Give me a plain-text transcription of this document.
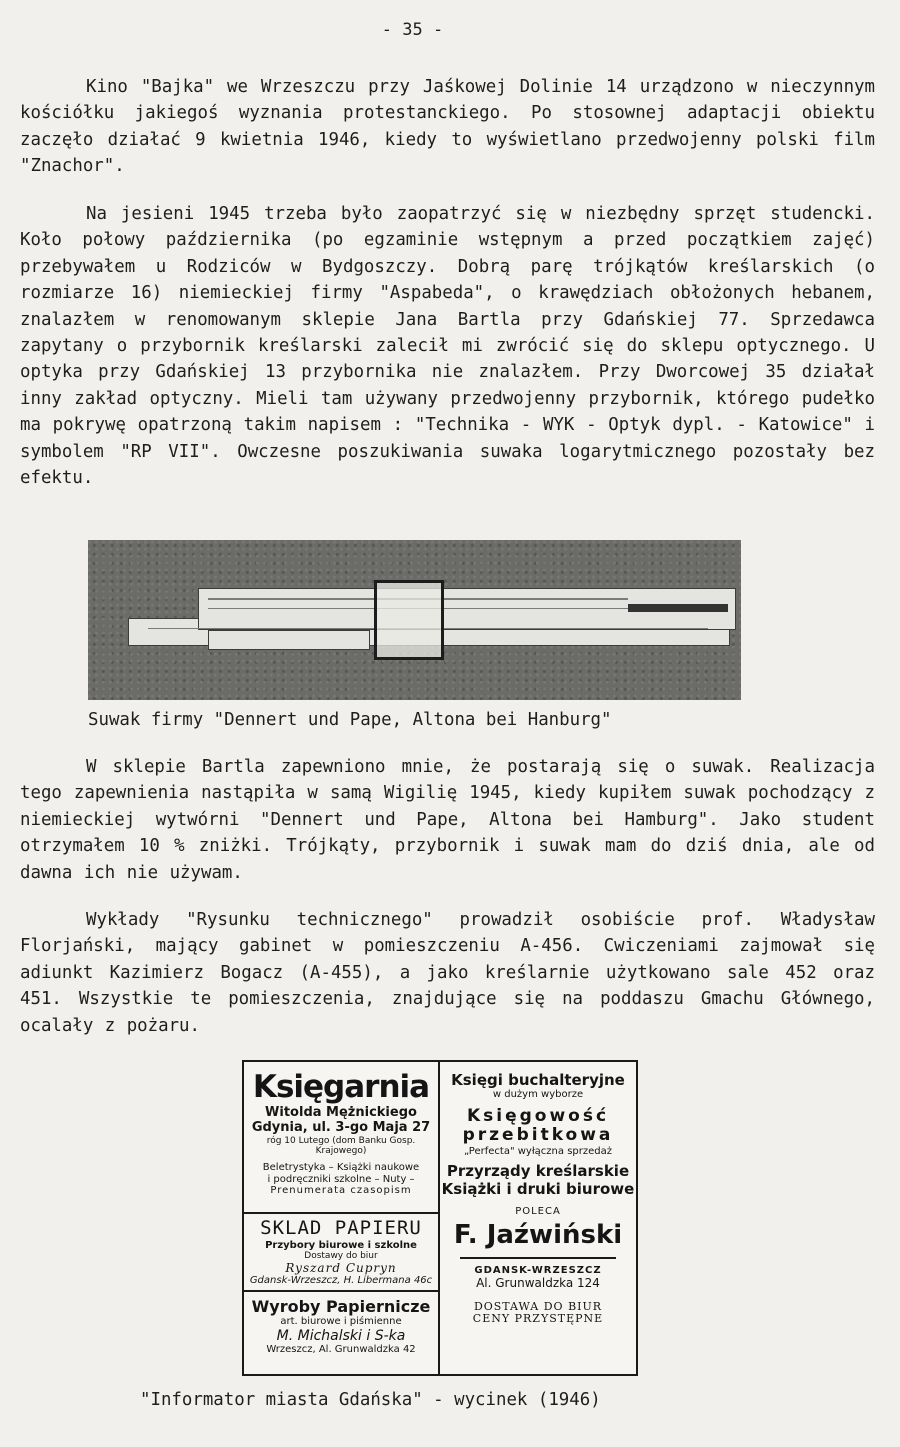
- 35 -

Kino "Bajka" we Wrzeszczu przy Jaśkowej Dolinie 14 urządzono w nieczynnym kościółku jakiegoś wyznania protestanckiego. Po stosownej adaptacji obiektu zaczęło działać 9 kwietnia 1946, kiedy to wyświetlano przedwojenny polski film "Znachor".

Na jesieni 1945 trzeba było zaopatrzyć się w niezbędny sprzęt studencki. Koło połowy października (po egzaminie wstępnym a przed początkiem zajęć) przebywałem u Rodziców w Bydgoszczy. Dobrą parę trójkątów kreślarskich (o rozmiarze 16) niemieckiej firmy "Aspabeda", o krawędziach obłożonych hebanem, znalazłem w renomowanym sklepie Jana Bartla przy Gdańskiej 77. Sprzedawca zapytany o przybornik kreślarski zalecił mi zwrócić się do sklepu optycznego. U optyka przy Gdańskiej 13 przybornika nie znalazłem. Przy Dworcowej 35 działał inny zakład optyczny. Mieli tam używany przedwojenny przybornik, którego pudełko ma pokrywę opatrzoną takim napisem : "Technika - WYK - Optyk dypl. - Katowice" i symbolem "RP VII". Owczesne poszukiwania suwaka logarytmicznego pozostały bez efektu.

Suwak firmy "Dennert und Pape, Altona bei Hanburg"

W sklepie Bartla zapewniono mnie, że postarają się o suwak. Realizacja tego zapewnienia nastąpiła w samą Wigilię 1945, kiedy kupiłem suwak pochodzący z niemieckiej wytwórni "Dennert und Pape, Altona bei Hamburg". Jako student otrzymałem 10 % zniżki. Trójkąty, przybornik i suwak mam do dziś dnia, ale od dawna ich nie używam.

Wykłady "Rysunku technicznego" prowadził osobiście prof. Władysław Florjański, mający gabinet w pomieszczeniu A-456. Cwiczeniami zajmował się adiunkt Kazimierz Bogacz (A-455), a jako kreślarnie użytkowano sale 452 oraz 451. Wszystkie te pomieszczenia, znajdujące się na poddaszu Gmachu Głównego, ocalały z pożaru.

Księgarnia
Witolda Mężnickiego
Gdynia, ul. 3-go Maja 27
róg 10 Lutego (dom Banku Gosp. Krajowego)
Beletrystyka – Książki naukowe
i podręczniki szkolne – Nuty –
Prenumerata czasopism
SKLAD PAPIERU
Przybory biurowe i szkolne
Dostawy do biur
Ryszard Cupryn
Gdansk-Wrzeszcz, H. Libermana 46c
Wyroby Papiernicze
art. biurowe i piśmienne
M. Michalski i S-ka
Wrzeszcz, Al. Grunwaldzka 42
Księgi buchalteryjne
w dużym wyborze
Księgowość
przebitkowa
„Perfecta" wyłączna sprzedaż
Przyrządy kreślarskie
Książki i druki biurowe
POLECA
F. Jaźwiński
GDANSK-WRZESZCZ
Al. Grunwaldzka 124
DOSTAWA DO BIUR
CENY PRZYSTĘPNE
"Informator miasta Gdańska" - wycinek (1946)
